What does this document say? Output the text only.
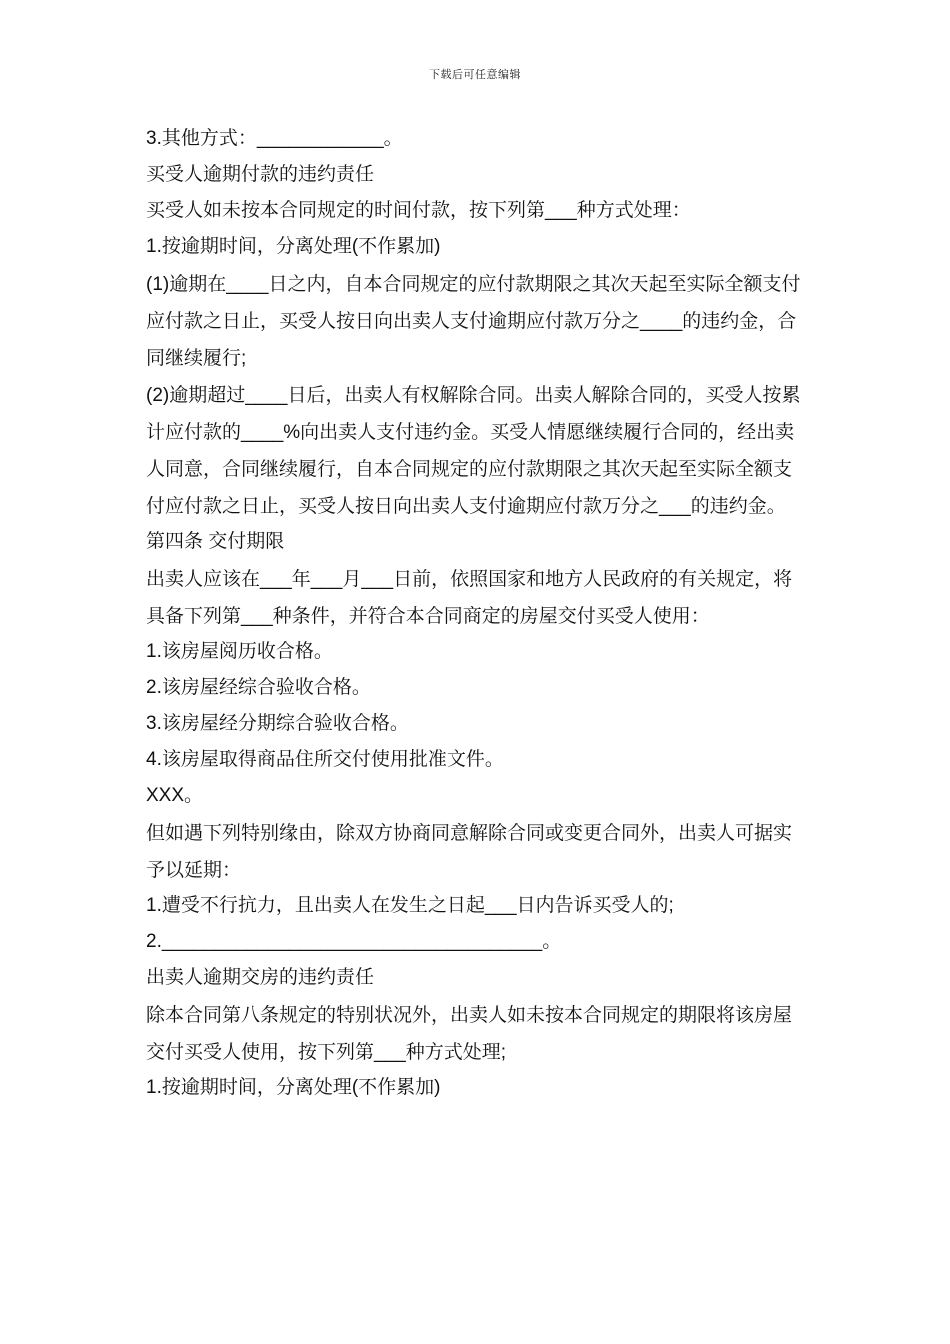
下载后可任意编辑

3.其他方式：____________。

买受人逾期付款的违约责任

买受人如未按本合同规定的时间付款，按下列第___种方式处理：

1.按逾期时间，分离处理(不作累加)

(1)逾期在____日之内，自本合同规定的应付款期限之其次天起至实际全额支付应付款之日止，买受人按日向出卖人支付逾期应付款万分之____的违约金，合同继续履行;

(2)逾期超过____日后，出卖人有权解除合同。出卖人解除合同的，买受人按累计应付款的____%向出卖人支付违约金。买受人情愿继续履行合同的，经出卖人同意，合同继续履行，自本合同规定的应付款期限之其次天起至实际全额支付应付款之日止，买受人按日向出卖人支付逾期应付款万分之___的违约金。

第四条 交付期限

出卖人应该在___年___月___日前，依照国家和地方人民政府的有关规定，将具备下列第___种条件，并符合本合同商定的房屋交付买受人使用：

1.该房屋阅历收合格。

2.该房屋经综合验收合格。

3.该房屋经分期综合验收合格。

4.该房屋取得商品住所交付使用批准文件。

XXX。

但如遇下列特别缘由，除双方协商同意解除合同或变更合同外，出卖人可据实予以延期：

1.遭受不行抗力，且出卖人在发生之日起___日内告诉买受人的;

2.____________________________________。

出卖人逾期交房的违约责任

除本合同第八条规定的特别状况外，出卖人如未按本合同规定的期限将该房屋交付买受人使用，按下列第___种方式处理;

1.按逾期时间，分离处理(不作累加)
